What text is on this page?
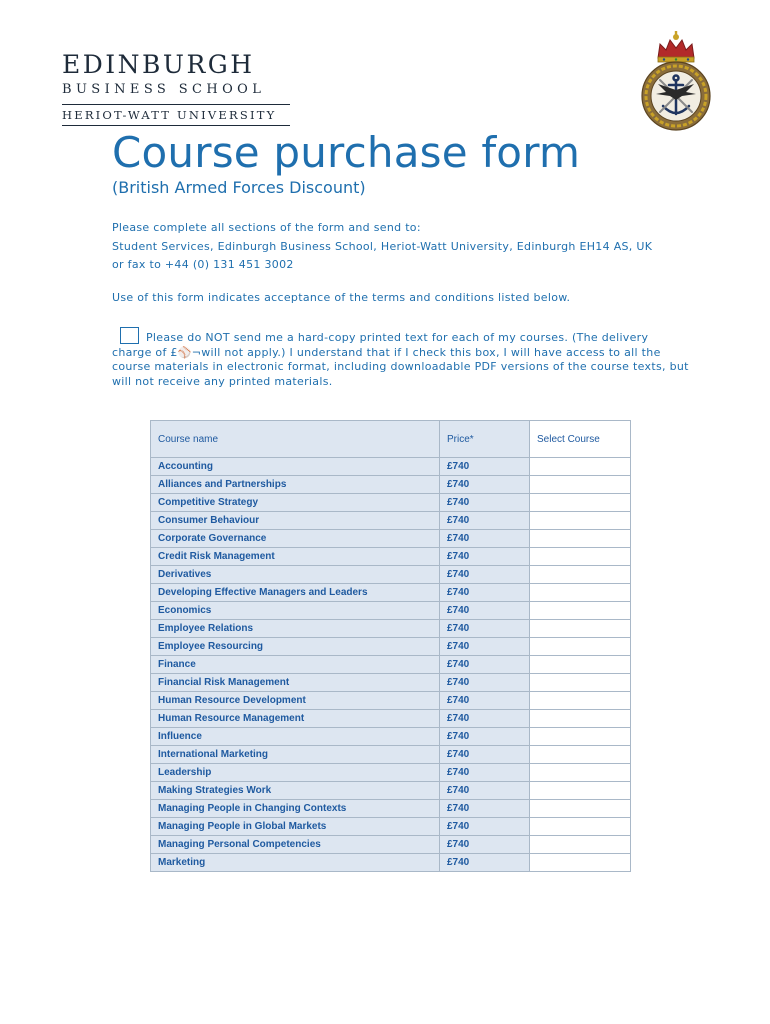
EDINBURGH
BUSINESS SCHOOL
HERIOT-WATT UNIVERSITY
Course purchase form
(British Armed Forces Discount)
Please complete all sections of the form and send to:
Student Services, Edinburgh Business School, Heriot-Watt University, Edinburgh EH14 AS, UK
or fax to +44 (0) 131 451 3002
Use of this form indicates acceptance of the terms and conditions listed below.
Please do NOT send me a hard-copy printed text for each of my courses. (The delivery
charge of £⚾¬will not apply.) I understand that if I check this box, I will have access to all the
course materials in electronic format, including downloadable PDF versions of the course texts, but
will not receive any printed materials.
Course name	Price*	Select Course
Accounting	£740	
Alliances and Partnerships	£740	
Competitive Strategy	£740	
Consumer Behaviour	£740	
Corporate Governance	£740	
Credit Risk Management	£740	
Derivatives	£740	
Developing Effective Managers and Leaders	£740	
Economics	£740	
Employee Relations	£740	
Employee Resourcing	£740	
Finance	£740	
Financial Risk Management	£740	
Human Resource Development	£740	
Human Resource Management	£740	
Influence	£740	
International Marketing	£740	
Leadership	£740	
Making Strategies Work	£740	
Managing People in Changing Contexts	£740	
Managing People in Global Markets	£740	
Managing Personal Competencies	£740	
Marketing	£740	
